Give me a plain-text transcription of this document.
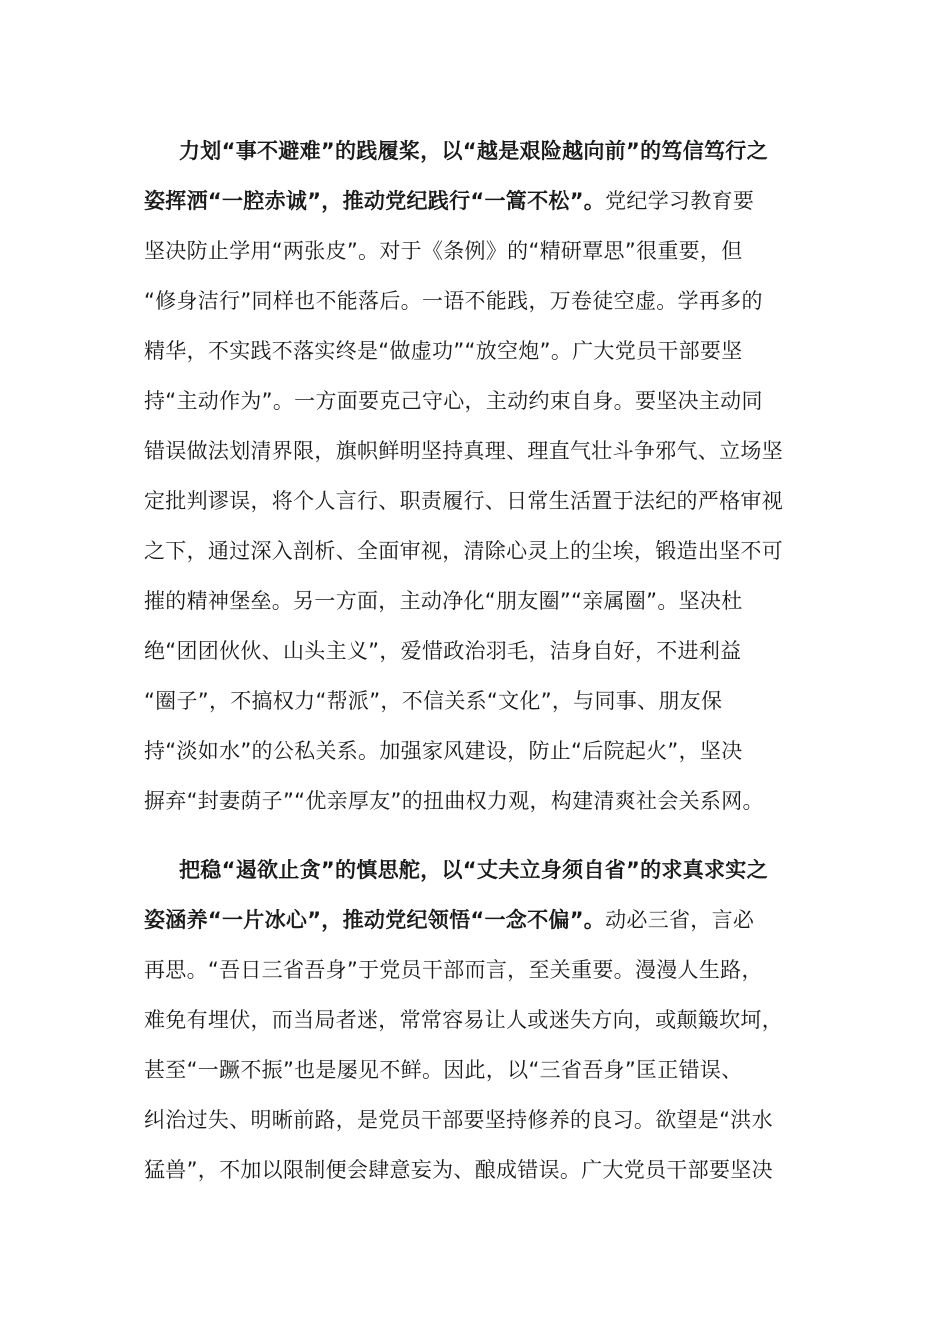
力划“事不避难”的践履桨，以“越是艰险越向前”的笃信笃行之
姿挥洒“一腔赤诚”，推动党纪践行“一篙不松”。党纪学习教育要
坚决防止学用“两张皮”。对于《条例》的“精研覃思”很重要，但
“修身洁行”同样也不能落后。一语不能践，万卷徒空虚。学再多的
精华，不实践不落实终是“做虚功”“放空炮”。广大党员干部要坚
持“主动作为”。一方面要克己守心，主动约束自身。要坚决主动同
错误做法划清界限，旗帜鲜明坚持真理、理直气壮斗争邪气、立场坚
定批判谬误，将个人言行、职责履行、日常生活置于法纪的严格审视
之下，通过深入剖析、全面审视，清除心灵上的尘埃，锻造出坚不可
摧的精神堡垒。另一方面，主动净化“朋友圈”“亲属圈”。坚决杜
绝“团团伙伙、山头主义”，爱惜政治羽毛，洁身自好，不进利益
“圈子”，不搞权力“帮派”，不信关系“文化”，与同事、朋友保
持“淡如水”的公私关系。加强家风建设，防止“后院起火”，坚决
摒弃“封妻荫子”“优亲厚友”的扭曲权力观，构建清爽社会关系网。
把稳“遏欲止贪”的慎思舵，以“丈夫立身须自省”的求真求实之
姿涵养“一片冰心”，推动党纪领悟“一念不偏”。动必三省，言必
再思。“吾日三省吾身”于党员干部而言，至关重要。漫漫人生路，
难免有埋伏，而当局者迷，常常容易让人或迷失方向，或颠簸坎坷，
甚至“一蹶不振”也是屡见不鲜。因此，以“三省吾身”匡正错误、
纠治过失、明晰前路，是党员干部要坚持修养的良习。欲望是“洪水
猛兽”，不加以限制便会肆意妄为、酿成错误。广大党员干部要坚决
